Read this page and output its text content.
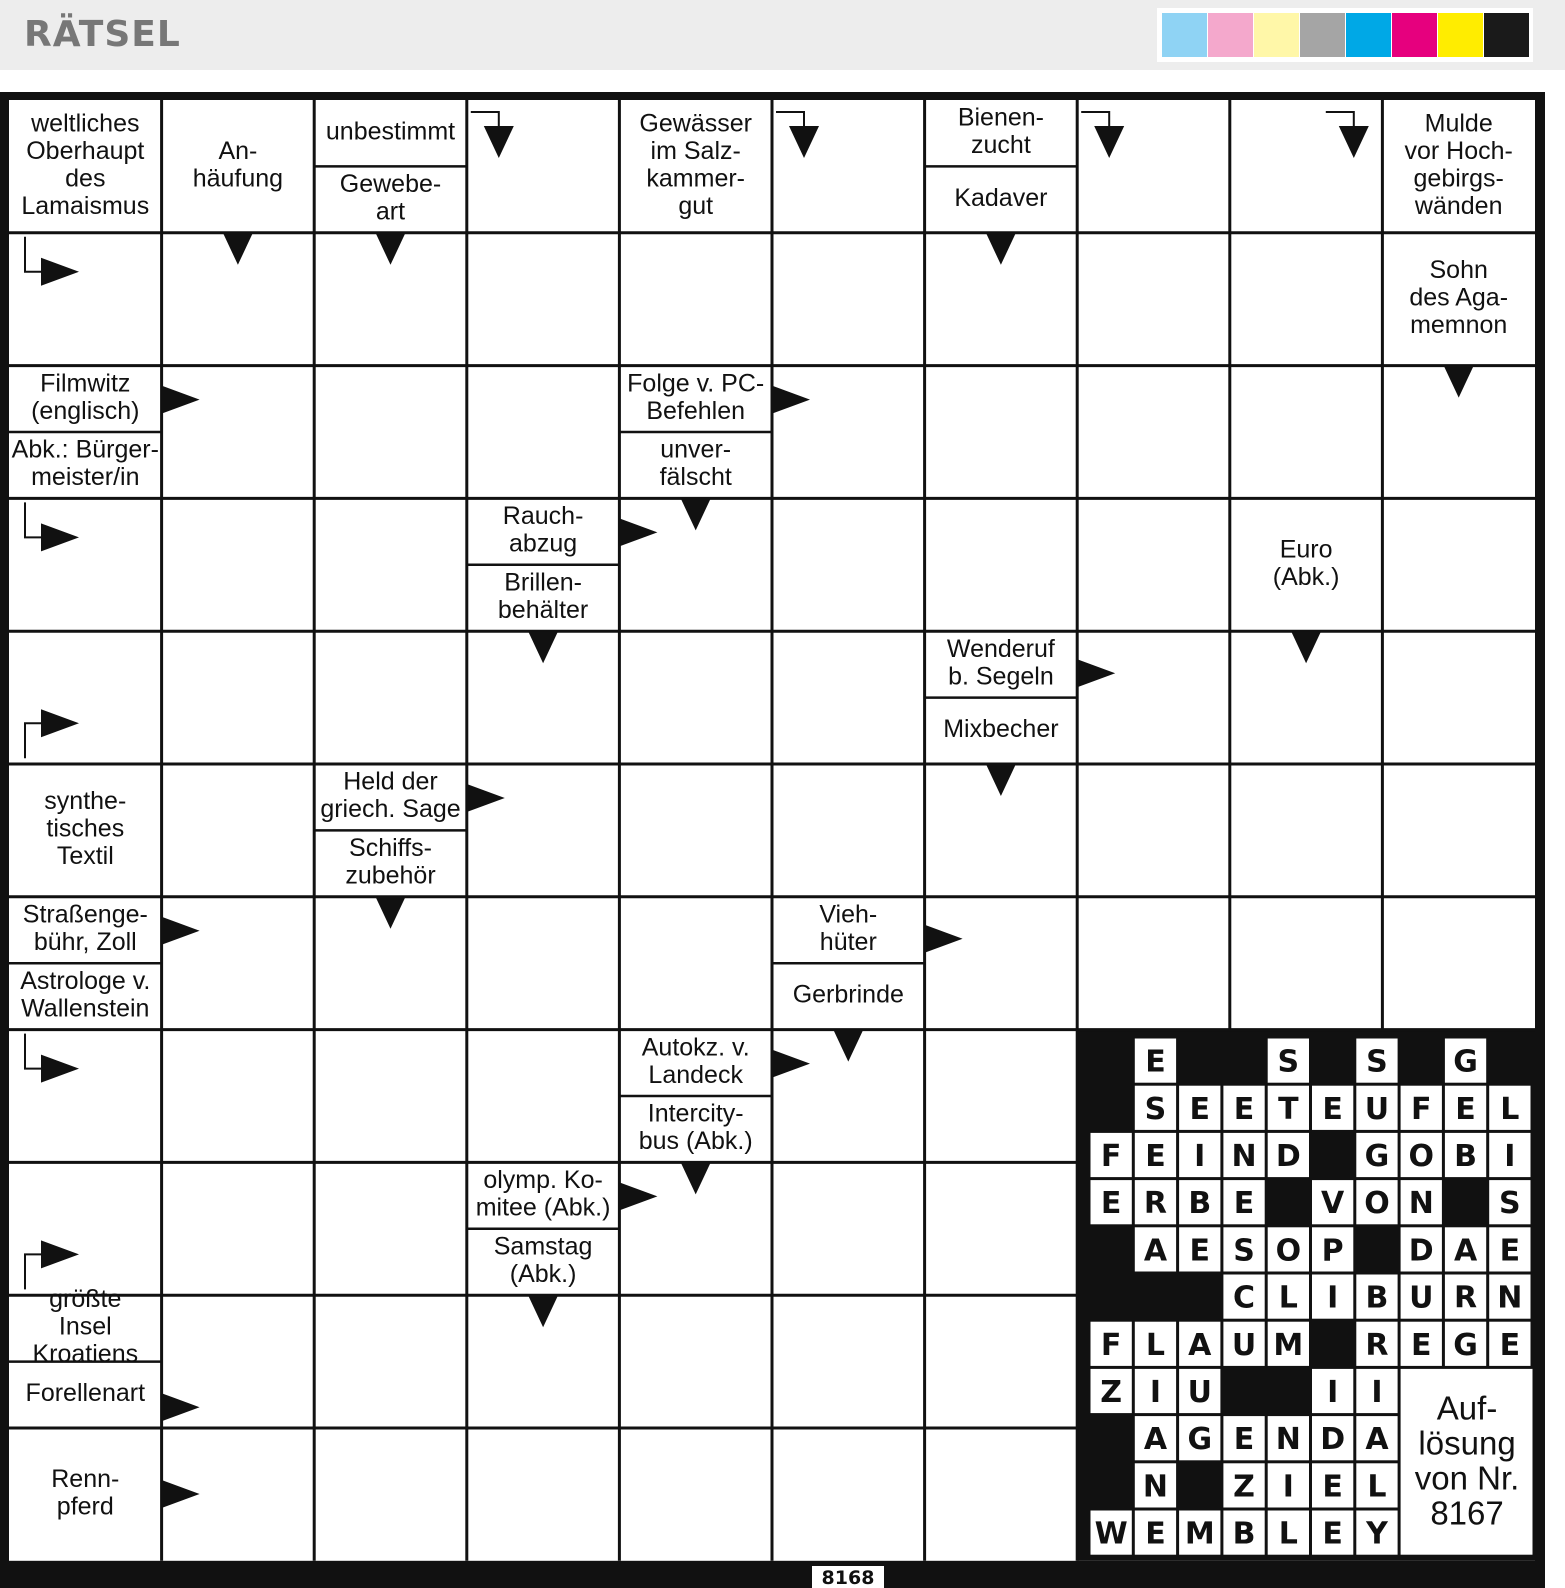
RÄTSEL
weltliches
Oberhaupt
des
Lamaismus
An-
häufung
unbestimmt
Gewebe-
art
Gewässer
im Salz-
kammer-
gut
Bienen-
zucht
Kadaver
Mulde
vor Hoch-
gebirgs-
wänden
Sohn
des Aga-
memnon
Filmwitz
(englisch)
Abk.: Bürger-
meister/in
Folge v. PC-
Befehlen
unver-
fälscht
Rauch-
abzug
Brillen-
behälter
Euro
(Abk.)
Wenderuf
b. Segeln
Mixbecher
synthe-
tisches
Textil
Held der
griech. Sage
Schiffs-
zubehör
Straßenge-
bühr, Zoll
Astrologe v.
Wallenstein
Vieh-
hüter
Gerbrinde
Autokz. v.
Landeck
Intercity-
bus (Abk.)
olymp. Ko-
mitee (Abk.)
Samstag
(Abk.)
größte
Insel
Kroatiens
Forellenart
Renn-
pferd
E	S S G
S E E T E U F E L
F E I N D G O B I
E R B E V O N S
A E S O P D A E
C L I B U R N
F L A U M R E G E
Z I U	I I
A G E N D A
N Z I E L
W E M B L E Y
Auf-
lösung
von Nr.
8167
8168
